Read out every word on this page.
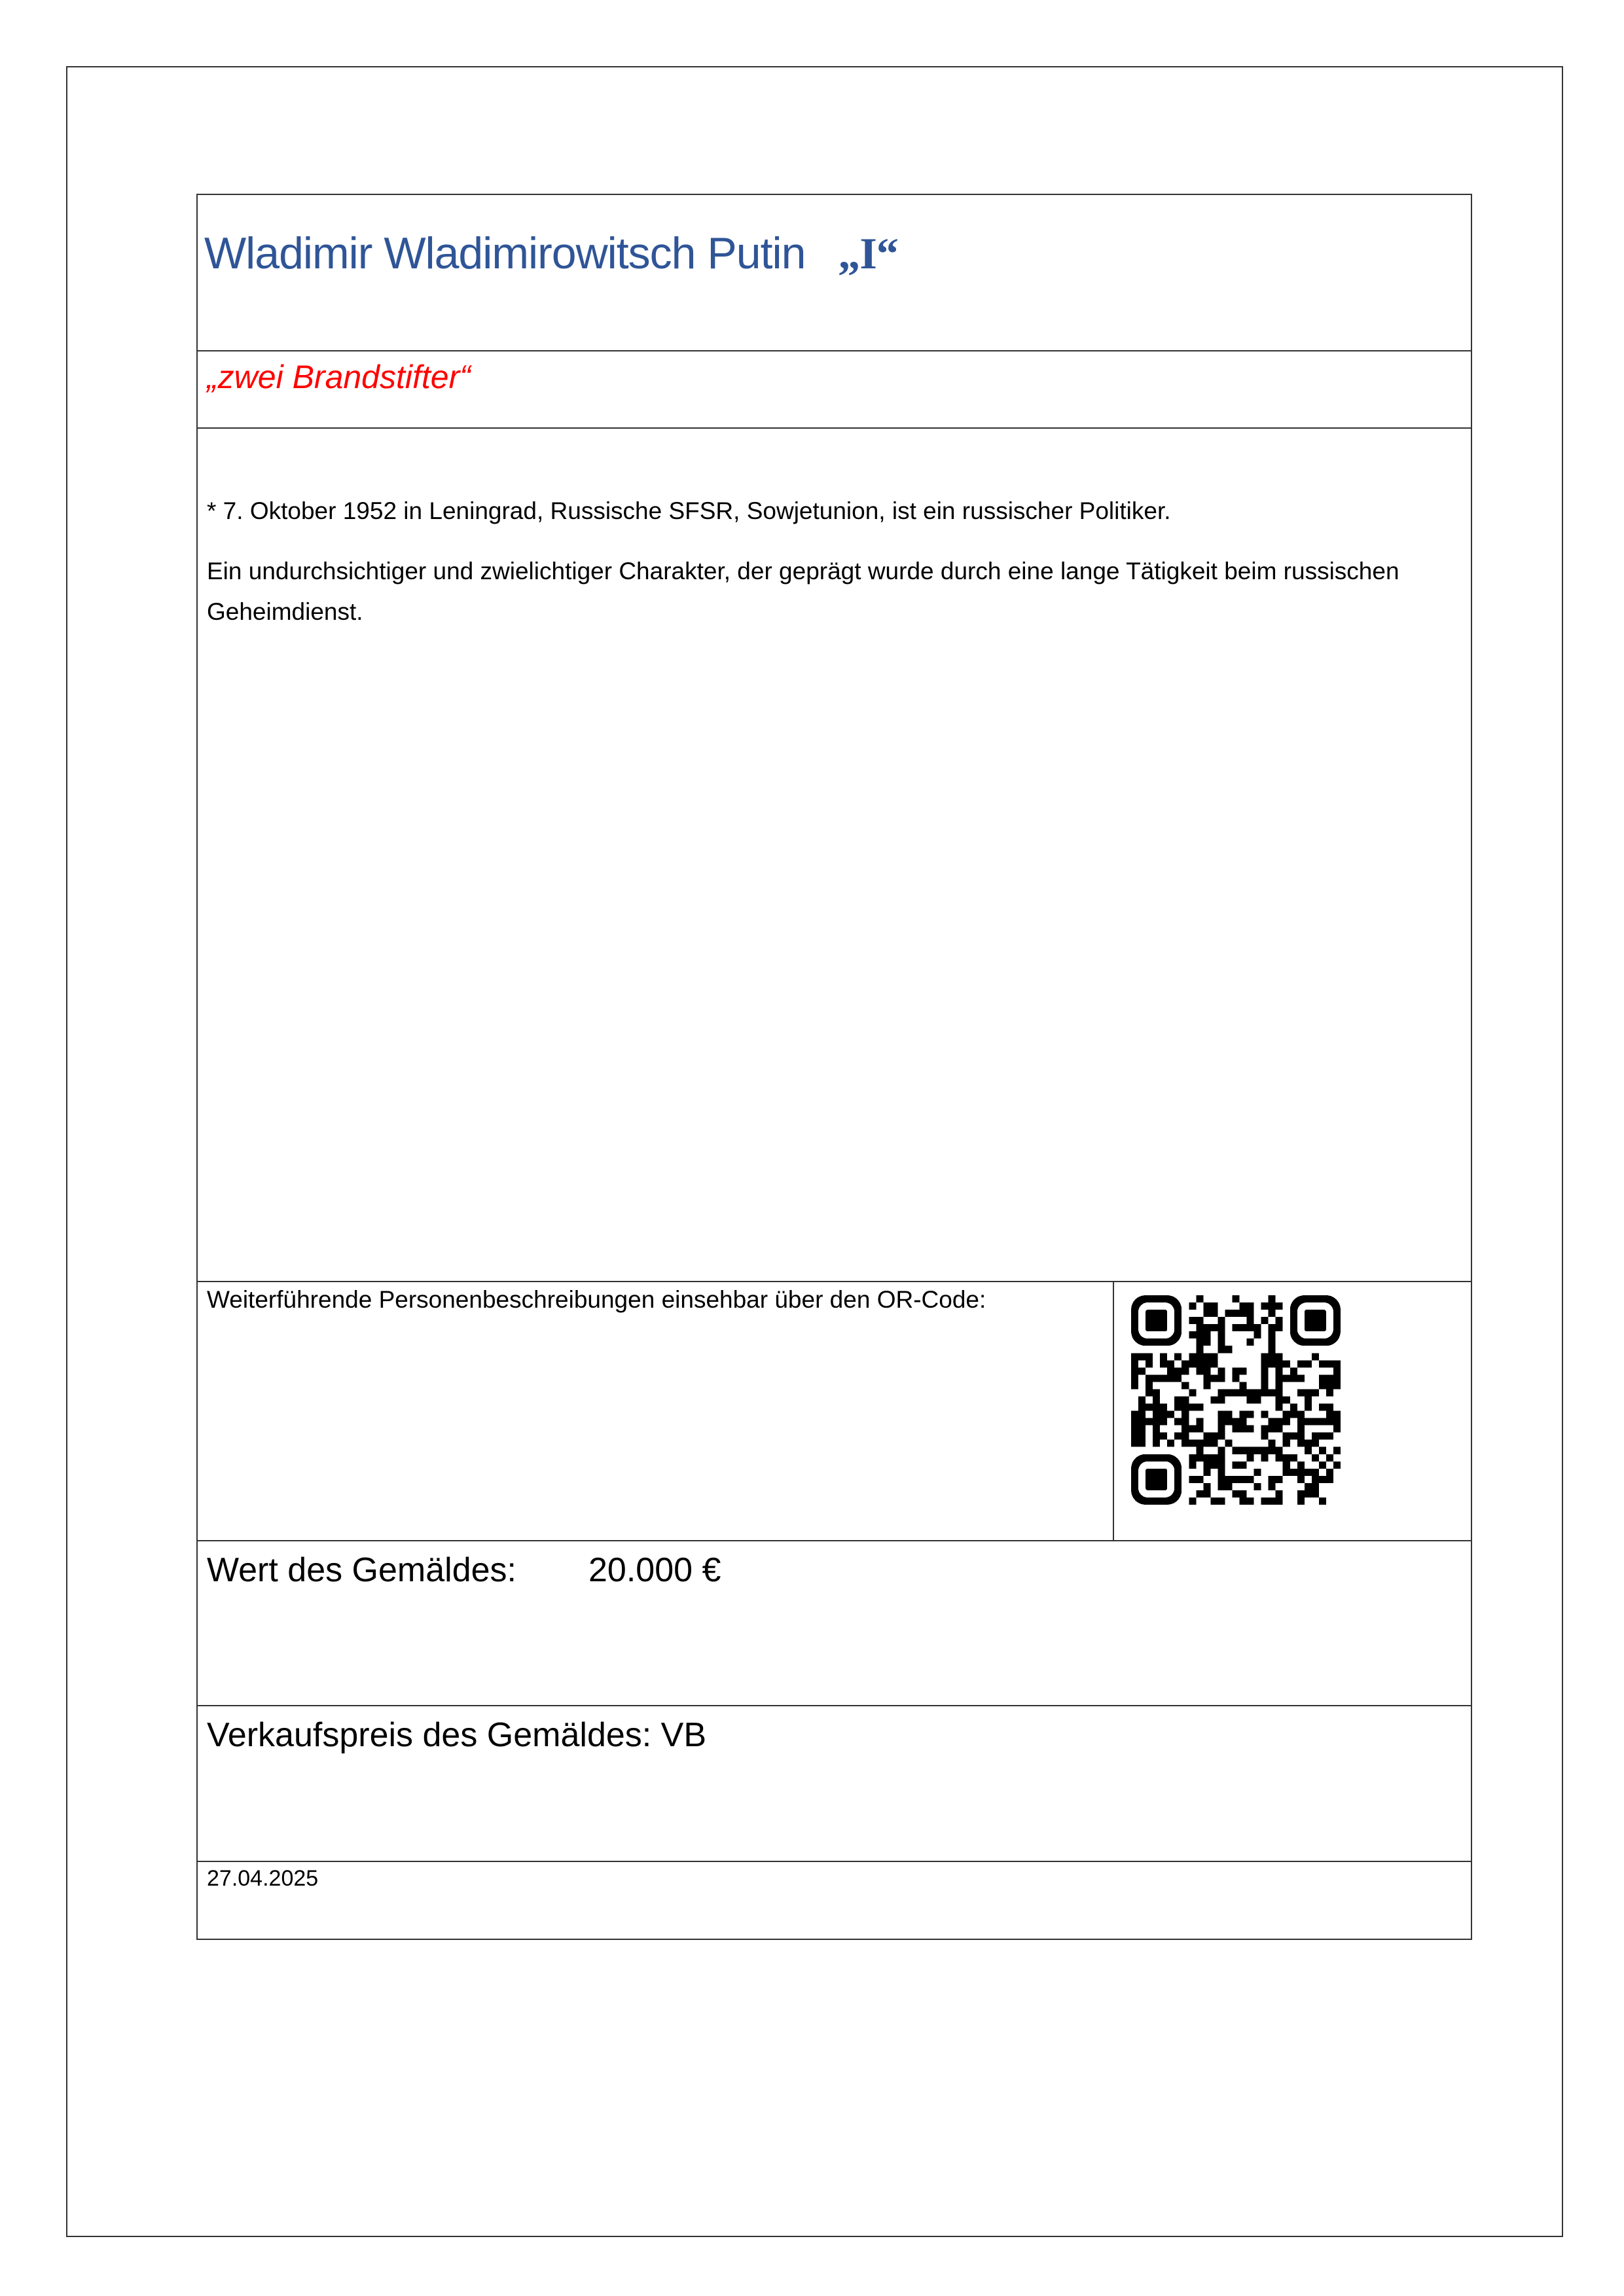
Wladimir Wladimirowitsch Putin „I“
„zwei Brandstifter“

* 7. Oktober 1952 in Leningrad, Russische SFSR, Sowjetunion, ist ein russischer Politiker.

Ein undurchsichtiger und zwielichtiger Charakter, der geprägt wurde durch eine lange Tätigkeit beim russischen Geheimdienst.

Weiterführende Personenbeschreibungen einsehbar über den OR-Code:
Wert des Gemäldes: 20.000 €
Verkaufspreis des Gemäldes: VB
27.04.2025
